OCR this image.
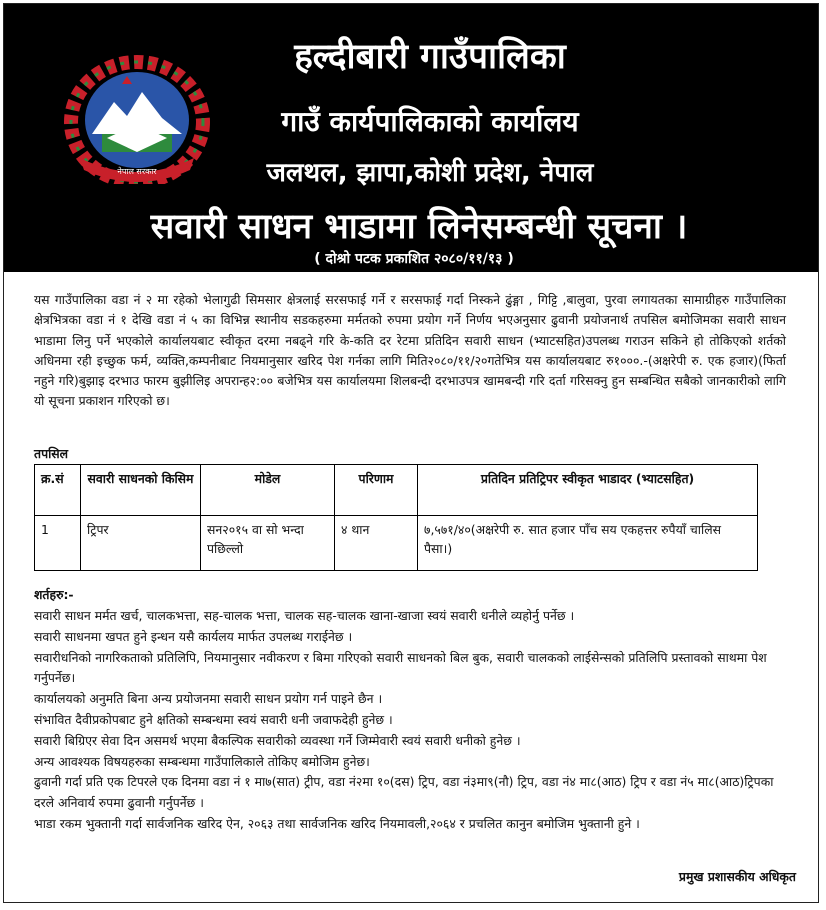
नेपाल सरकार
हल्दीबारी गाउँपालिका
गाउँ कार्यपालिकाको कार्यालय
जलथल, झापा,कोशी प्रदेश, नेपाल
सवारी साधन भाडामा लिनेसम्बन्धी सूचना ।
( दोश्रो पटक प्रकाशित २०८०/११/१३ )
यस गाउँपालिका वडा नं २ मा रहेको भेलागुढी सिमसार क्षेत्रलाई सरसफाई गर्ने र सरसफाई गर्दा निस्कने ढुंङ्गा , गिट्टि ,बालुवा, पुरवा लगायतका सामाग्रीहरु गाउँपालिका क्षेत्रभित्रका वडा नं १ देखि वडा नं ५ का विभिन्न स्थानीय सडकहरुमा मर्मतको रुपमा प्रयोग गर्ने निर्णय भएअनुसार ढुवानी प्रयोजनार्थ तपसिल बमोजिमका सवारी साधन भाडामा लिनु पर्ने भएकोले कार्यालयबाट स्वीकृत दरमा नबढ्ने गरि के-कति दर रेटमा प्रतिदिन सवारी साधन (भ्याटसहित)उपलब्ध गराउन सकिने हो तोकिएको शर्तको अधिनमा रही इच्छुक फर्म, व्यक्ति,कम्पनीबाट नियमानुसार खरिद पेश गर्नका लागि मिति२०८०/११/२०गतेभित्र यस कार्यालयबाट रु१०००.-(अक्षरेपी रु. एक हजार)(फिर्ता नहुने गरि)बुझाइ दरभाउ फारम बुझीलिइ अपरान्ह२:०० बजेभित्र यस कार्यालयमा शिलबन्दी दरभाउपत्र खामबन्दी गरि दर्ता गरिसक्नु हुन सम्बन्धित सबैको जानकारीको लागि यो सूचना प्रकाशन गरिएको छ।
तपसिल
क्र.सं	सवारी साधनको किसिम	मोडेल	परिणाम	प्रतिदिन प्रतिट्रिपर स्वीकृत भाडादर (भ्याटसहित)
1	ट्रिपर	सन२०१५ वा सो भन्दा पछिल्लो	४ थान	७,५७१/४०(अक्षरेपी रु. सात हजार पाँच सय एकहत्तर रुपैयाँ चालिस पैसा।)
शर्तहरु:-

सवारी साधन मर्मत खर्च, चालकभत्ता, सह-चालक भत्ता, चालक सह-चालक खाना-खाजा स्वयं सवारी धनीले व्यहोर्नु पर्नेछ ।

सवारी साधनमा खपत हुने इन्धन यसै कार्यलय मार्फत उपलब्ध गराईनेछ ।

सवारीधनिको नागरिकताको प्रतिलिपि, नियमानुसार नवीकरण र बिमा गरिएको सवारी साधनको बिल बुक, सवारी चालकको लाईसेन्सको प्रतिलिपि प्रस्तावको साथमा पेश गर्नुपर्नेछ।

कार्यालयको अनुमति बिना अन्य प्रयोजनमा सवारी साधन प्रयोग गर्न पाइने छैन ।

संभावित दैवीप्रकोपबाट हुने क्षतिको सम्बन्धमा स्वयं सवारी धनी जवाफदेही हुनेछ ।

सवारी बिग्रिएर सेवा दिन असमर्थ भएमा बैकल्पिक सवारीको व्यवस्था गर्ने जिम्मेवारी स्वयं सवारी धनीको हुनेछ ।

अन्य आवश्यक विषयहरुका सम्बन्धमा गाउँपालिकाले तोकिए बमोजिम हुनेछ।

ढुवानी गर्दा प्रति एक टिपरले एक दिनमा वडा नं १ मा७(सात) ट्रीप, वडा नं२मा १०(दस) ट्रिप, वडा नं३मा९(नौ) ट्रिप, वडा नं४ मा८(आठ) ट्रिप र वडा नं५ मा८(आठ)ट्रिपका दरले अनिवार्य रुपमा ढुवानी गर्नुपर्नेछ ।

भाडा रकम भुक्तानी गर्दा सार्वजनिक खरिद ऐन, २०६३ तथा सार्वजनिक खरिद नियमावली,२०६४ र प्रचलित कानुन बमोजिम भुक्तानी हुने ।

प्रमुख प्रशासकीय अधिकृत
